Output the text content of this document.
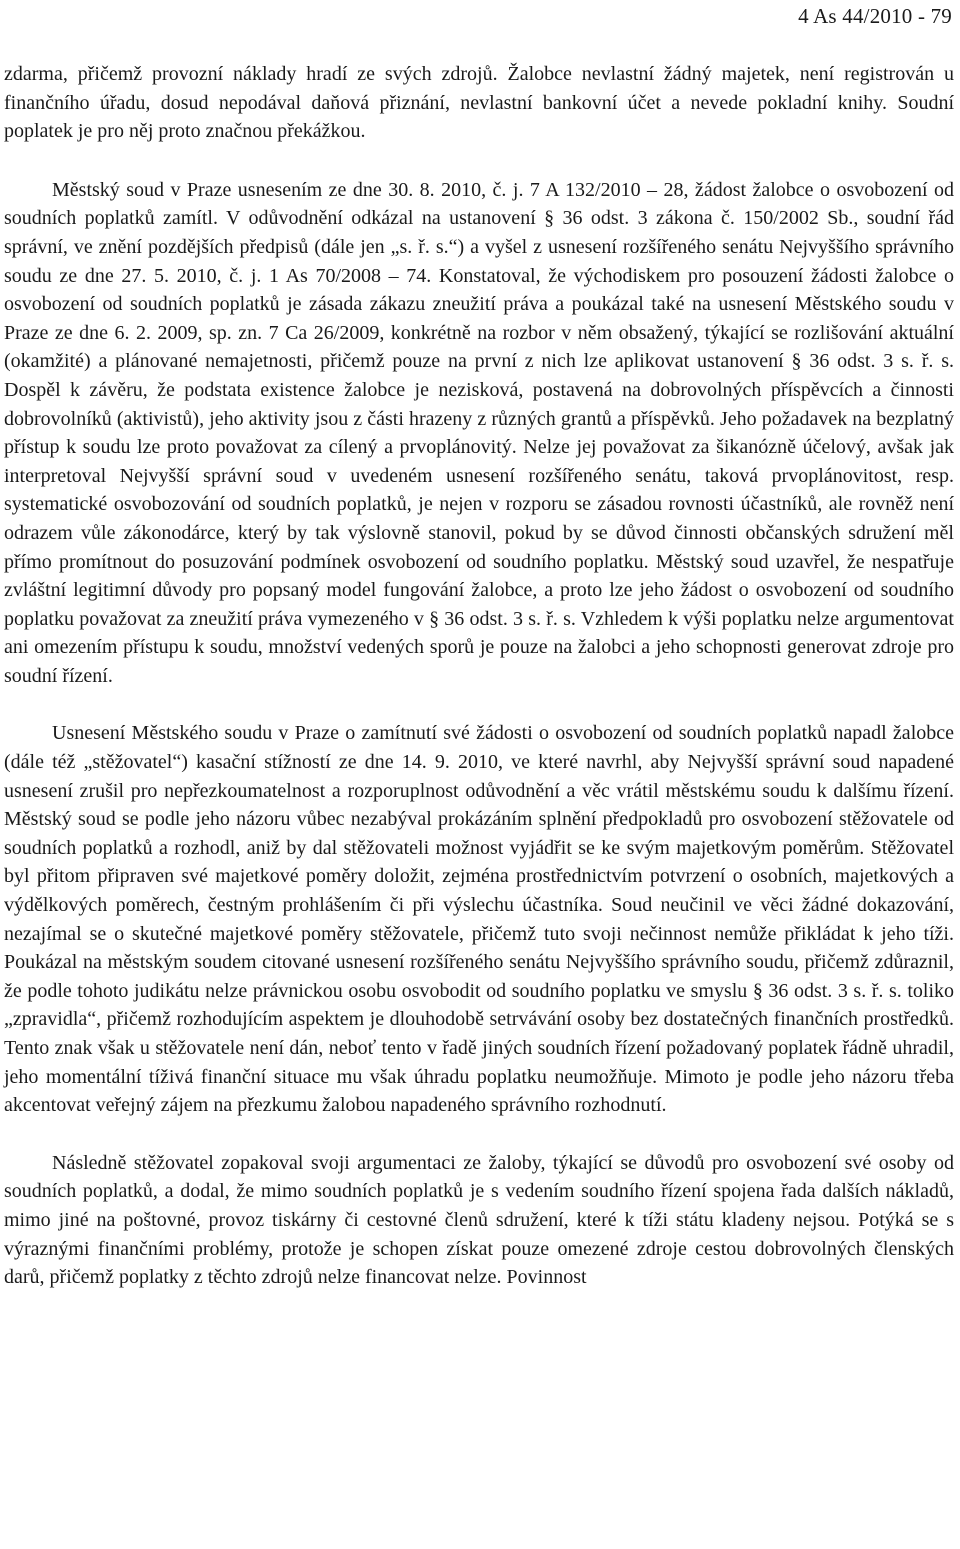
4 As 44/2010 - 79

zdarma, přičemž provozní náklady hradí ze svých zdrojů. Žalobce nevlastní žádný majetek, není registrován u finančního úřadu, dosud nepodával daňová přiznání, nevlastní bankovní účet a nevede pokladní knihy. Soudní poplatek je pro něj proto značnou překážkou.

Městský soud v Praze usnesením ze dne 30. 8. 2010, č. j. 7 A 132/2010 – 28, žádost žalobce o osvobození od soudních poplatků zamítl. V odůvodnění odkázal na ustanovení § 36 odst. 3 zákona č. 150/2002 Sb., soudní řád správní, ve znění pozdějších předpisů (dále jen „s. ř. s.“) a vyšel z usnesení rozšířeného senátu Nejvyššího správního soudu ze dne 27. 5. 2010, č. j. 1 As 70/2008 – 74. Konstatoval, že východiskem pro posouzení žádosti žalobce o osvobození od soudních poplatků je zásada zákazu zneužití práva a poukázal také na usnesení Městského soudu v Praze ze dne 6. 2. 2009, sp. zn. 7 Ca 26/2009, konkrétně na rozbor v něm obsažený, týkající se rozlišování aktuální (okamžité) a plánované nemajetnosti, přičemž pouze na první z nich lze aplikovat ustanovení § 36 odst. 3 s. ř. s. Dospěl k závěru, že podstata existence žalobce je nezisková, postavená na dobrovolných příspěvcích a činnosti dobrovolníků (aktivistů), jeho aktivity jsou z části hrazeny z různých grantů a příspěvků. Jeho požadavek na bezplatný přístup k soudu lze proto považovat za cílený a prvoplánovitý. Nelze jej považovat za šikanózně účelový, avšak jak interpretoval Nejvyšší správní soud v uvedeném usnesení rozšířeného senátu, taková prvoplánovitost, resp. systematické osvobozování od soudních poplatků, je nejen v rozporu se zásadou rovnosti účastníků, ale rovněž není odrazem vůle zákonodárce, který by tak výslovně stanovil, pokud by se důvod činnosti občanských sdružení měl přímo promítnout do posuzování podmínek osvobození od soudního poplatku. Městský soud uzavřel, že nespatřuje zvláštní legitimní důvody pro popsaný model fungování žalobce, a proto lze jeho žádost o osvobození od soudního poplatku považovat za zneužití práva vymezeného v § 36 odst. 3 s. ř. s. Vzhledem k výši poplatku nelze argumentovat ani omezením přístupu k soudu, množství vedených sporů je pouze na žalobci a jeho schopnosti generovat zdroje pro soudní řízení.

Usnesení Městského soudu v Praze o zamítnutí své žádosti o osvobození od soudních poplatků napadl žalobce (dále též „stěžovatel“) kasační stížností ze dne 14. 9. 2010, ve které navrhl, aby Nejvyšší správní soud napadené usnesení zrušil pro nepřezkoumatelnost a rozporuplnost odůvodnění a věc vrátil městskému soudu k dalšímu řízení. Městský soud se podle jeho názoru vůbec nezabýval prokázáním splnění předpokladů pro osvobození stěžovatele od soudních poplatků a rozhodl, aniž by dal stěžovateli možnost vyjádřit se ke svým majetkovým poměrům. Stěžovatel byl přitom připraven své majetkové poměry doložit, zejména prostřednictvím potvrzení o osobních, majetkových a výdělkových poměrech, čestným prohlášením či při výslechu účastníka. Soud neučinil ve věci žádné dokazování, nezajímal se o skutečné majetkové poměry stěžovatele, přičemž tuto svoji nečinnost nemůže přikládat k jeho tíži. Poukázal na městským soudem citované usnesení rozšířeného senátu Nejvyššího správního soudu, přičemž zdůraznil, že podle tohoto judikátu nelze právnickou osobu osvobodit od soudního poplatku ve smyslu § 36 odst. 3 s. ř. s. toliko „zpravidla“, přičemž rozhodujícím aspektem je dlouhodobě setrvávání osoby bez dostatečných finančních prostředků. Tento znak však u stěžovatele není dán, neboť tento v řadě jiných soudních řízení požadovaný poplatek řádně uhradil, jeho momentální tíživá finanční situace mu však úhradu poplatku neumožňuje. Mimoto je podle jeho názoru třeba akcentovat veřejný zájem na přezkumu žalobou napadeného správního rozhodnutí.

Následně stěžovatel zopakoval svoji argumentaci ze žaloby, týkající se důvodů pro osvobození své osoby od soudních poplatků, a dodal, že mimo soudních poplatků je s vedením soudního řízení spojena řada dalších nákladů, mimo jiné na poštovné, provoz tiskárny či cestovné členů sdružení, které k tíži státu kladeny nejsou. Potýká se s výraznými finančními problémy, protože je schopen získat pouze omezené zdroje cestou dobrovolných členských darů, přičemž poplatky z těchto zdrojů nelze financovat nelze. Povinnost
